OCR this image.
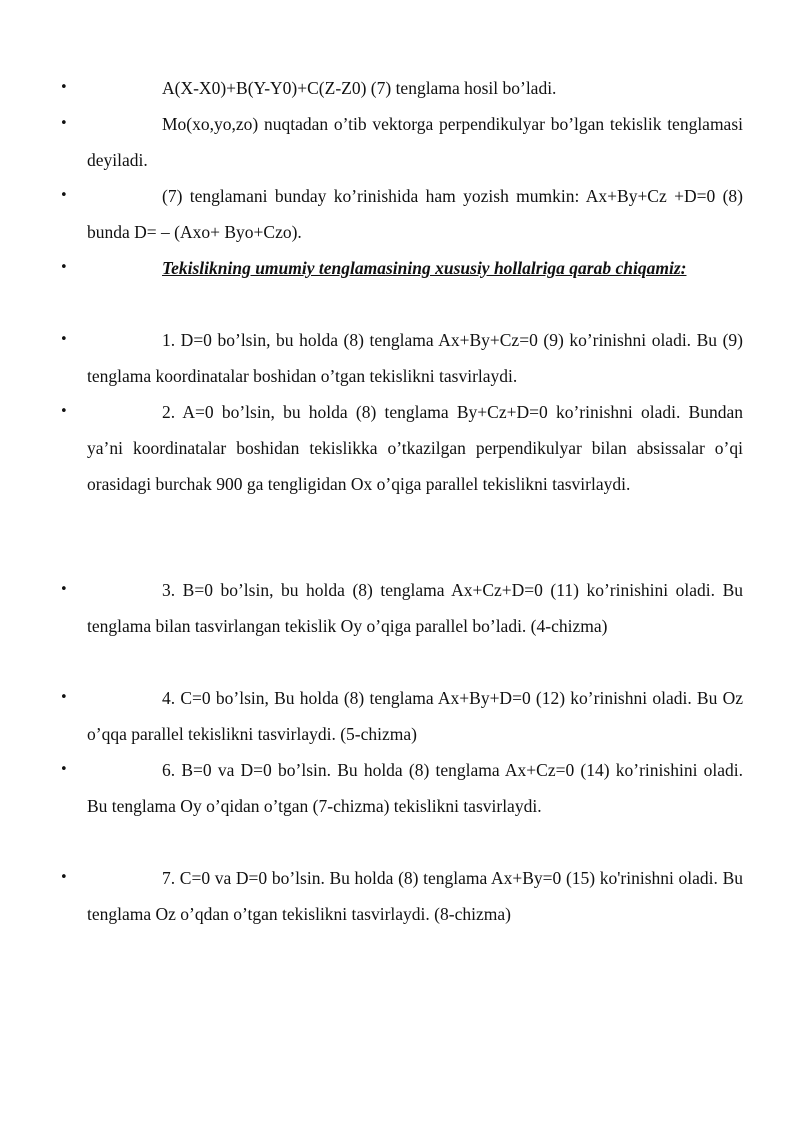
•	A(X-X0)+B(Y-Y0)+C(Z-Z0) (7) tenglama hosil bo’ladi.
•	Mo(xo,yo,zo) nuqtadan o’tib vektorga perpendikulyar bo’lgan tekislik tenglamasi deyiladi.
•	(7) tenglamani bunday ko’rinishida ham yozish mumkin: Ax+By+Cz +D=0 (8) bunda D= – (Axo+ Byo+Czo).
•	Tekislikning umumiy tenglamasining xususiy hollalriga qarab chiqamiz:
•	1. D=0 bo’lsin, bu holda (8) tenglama Ax+By+Cz=0 (9) ko’rinishni oladi. Bu (9) tenglama koordinatalar boshidan o’tgan tekislikni tasvirlaydi.
•	2. A=0 bo’lsin, bu holda (8) tenglama By+Cz+D=0 ko’rinishni oladi. Bundan ya’ni koordinatalar boshidan tekislikka o’tkazilgan perpendikulyar bilan absissalar o’qi orasidagi burchak 900 ga tengligidan Ox o’qiga parallel tekislikni tasvirlaydi.
•	3. B=0 bo’lsin, bu holda (8) tenglama Ax+Cz+D=0 (11) ko’rinishini oladi. Bu tenglama bilan tasvirlangan tekislik Oy o’qiga parallel bo’ladi. (4-chizma)
•	4. C=0 bo’lsin, Bu holda (8) tenglama Ax+By+D=0 (12) ko’rinishni oladi. Bu Oz o’qqa parallel tekislikni tasvirlaydi. (5-chizma)
•	6. B=0 va D=0 bo’lsin. Bu holda (8) tenglama Ax+Cz=0 (14) ko’rinishini oladi. Bu tenglama Oy o’qidan o’tgan (7-chizma) tekislikni tasvirlaydi.
•	7. C=0 va D=0 bo’lsin. Bu holda (8) tenglama Ax+By=0 (15) ko'rinishni oladi. Bu tenglama Oz o’qdan o’tgan tekislikni tasvirlaydi. (8-chizma)
